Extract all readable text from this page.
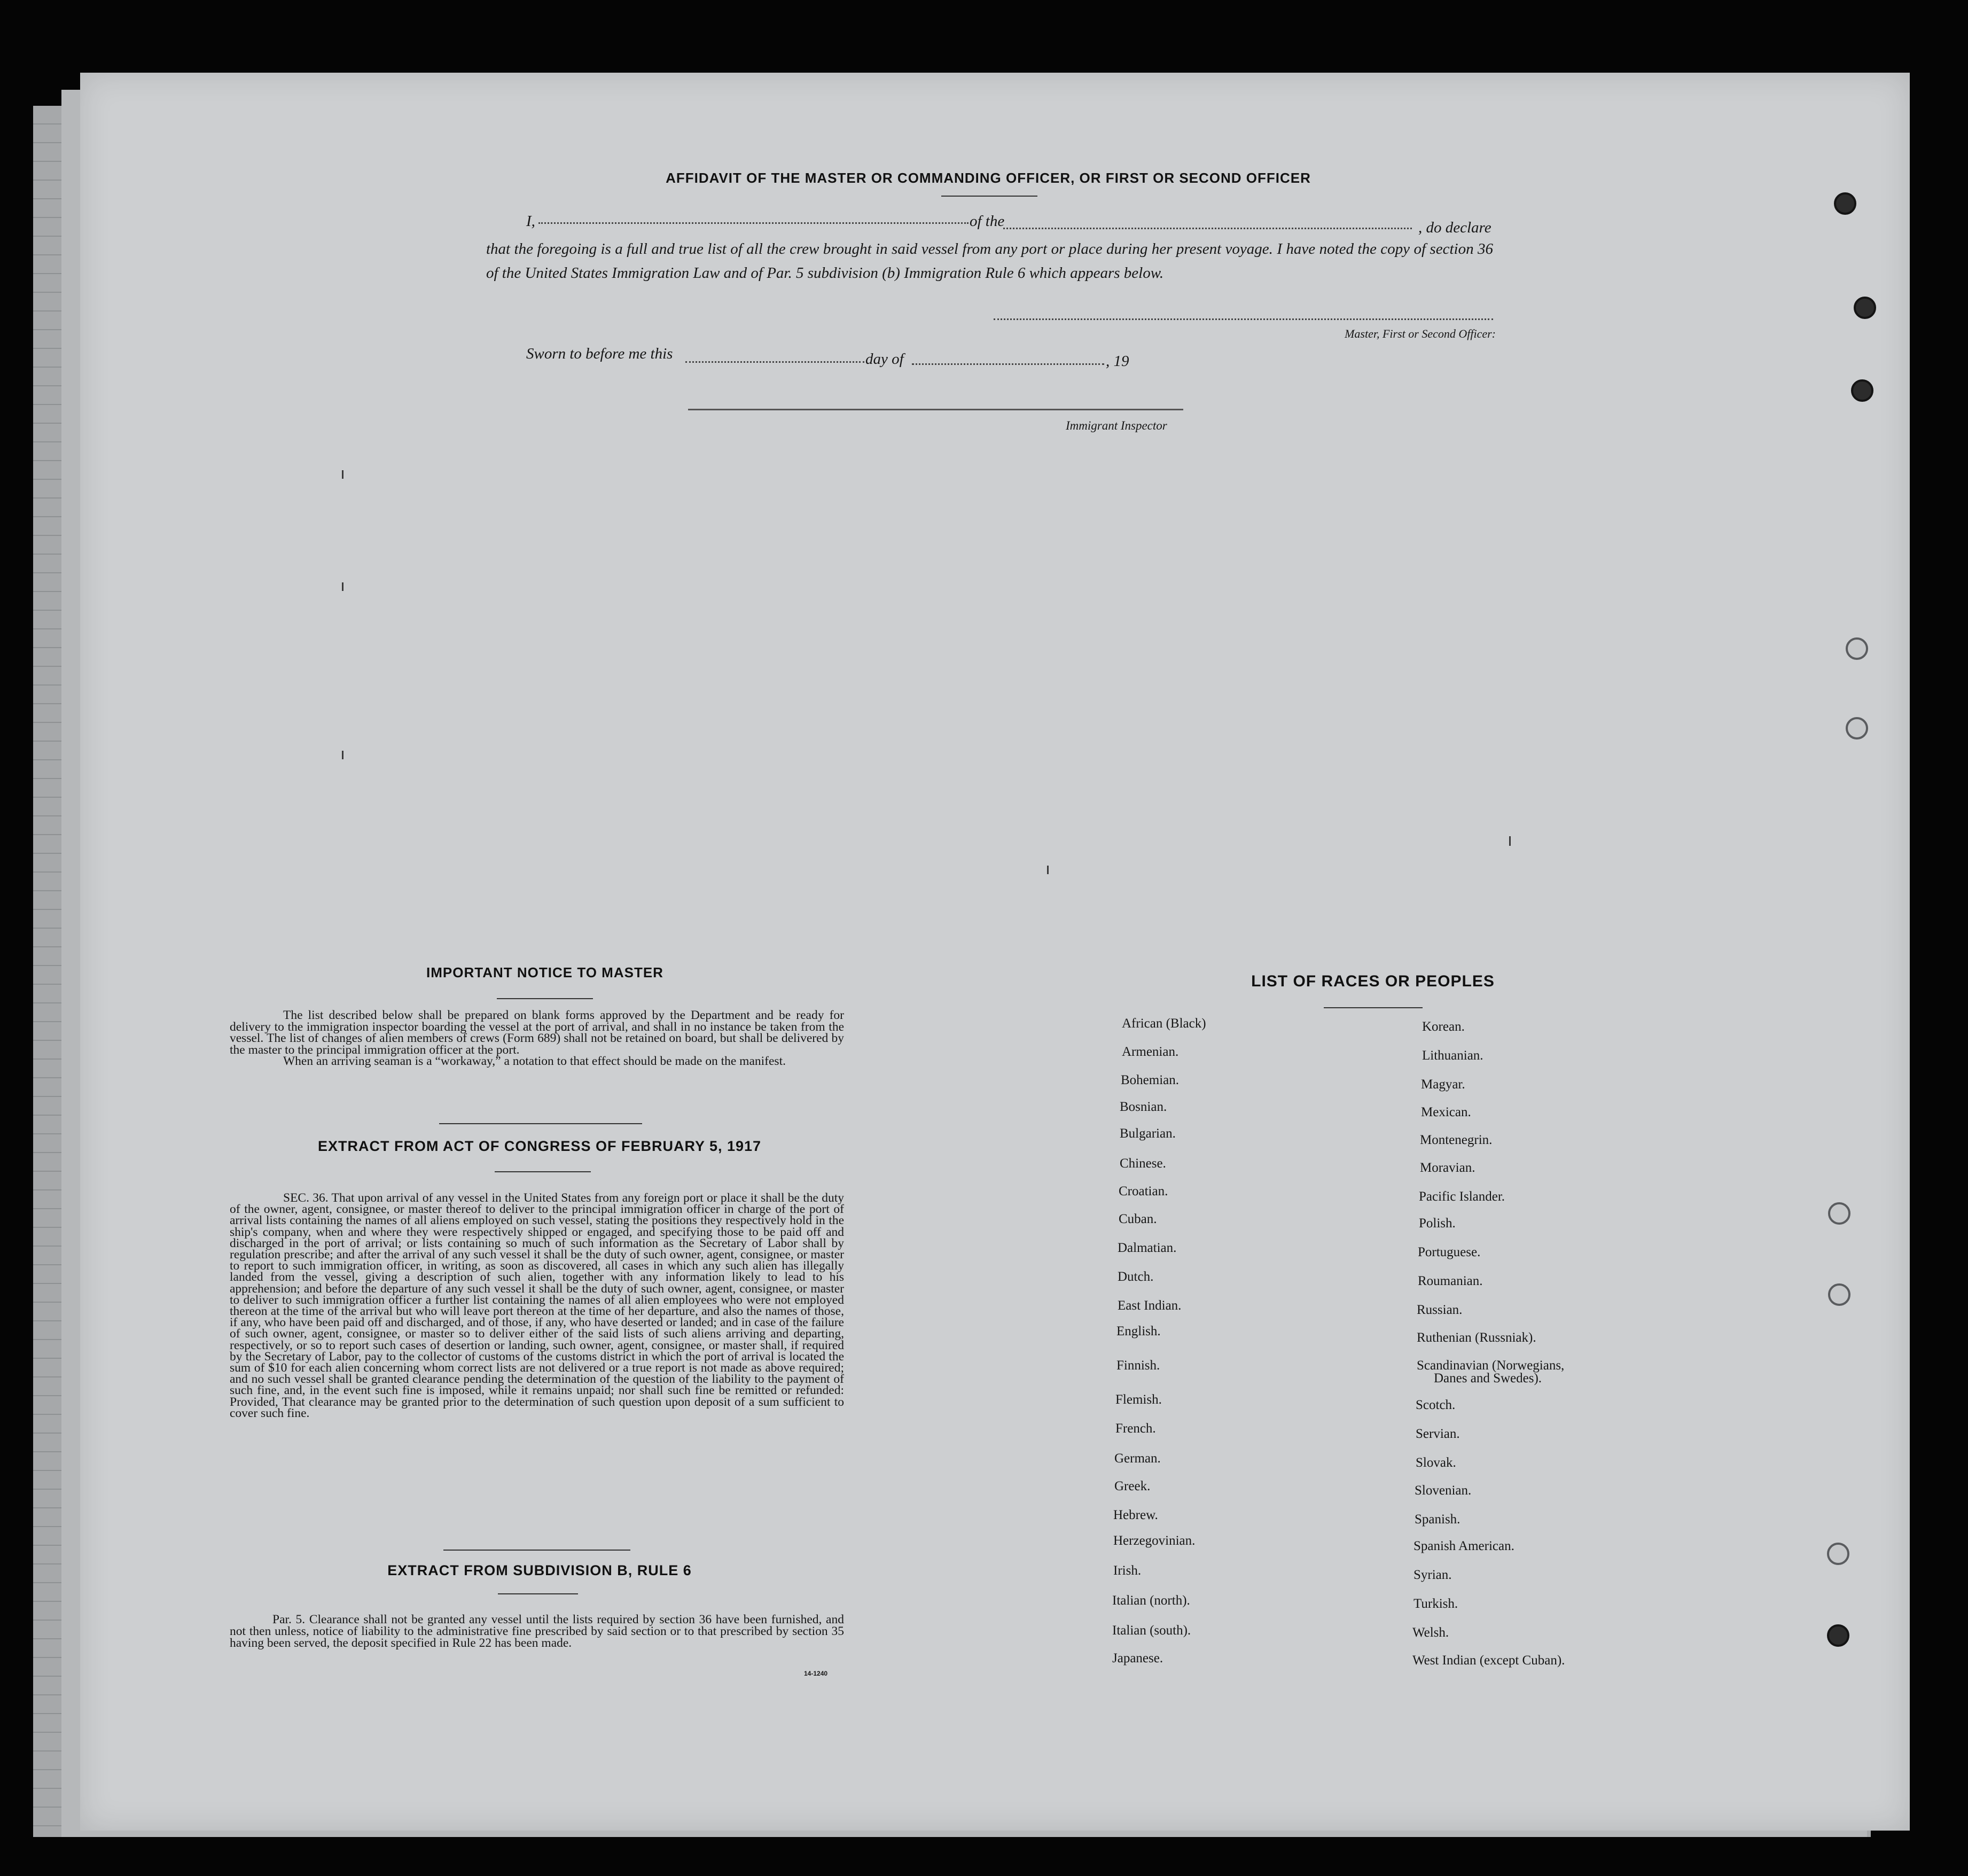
AFFIDAVIT OF THE MASTER OR COMMANDING OFFICER, OR FIRST OR SECOND OFFICER
I,	of the	, do declare
that the foregoing is a full and true list of all the crew brought in said vessel from any port or place during her present voyage. I have noted the copy of section 36 of the United States Immigration Law and of Par. 5 subdivision (b) Immigration Rule 6 which appears below.
Master, First or Second Officer:
Sworn to before me this	day of	, 19
Immigrant Inspector
IMPORTANT NOTICE TO MASTER
The list described below shall be prepared on blank forms approved by the Department and be ready for delivery to the immigration inspector boarding the vessel at the port of arrival, and shall in no instance be taken from the vessel. The list of changes of alien members of crews (Form 689) shall not be retained on board, but shall be delivered by the master to the principal immigration officer at the port.
When an arriving seaman is a “workaway,” a notation to that effect should be made on the manifest.
EXTRACT FROM ACT OF CONGRESS OF FEBRUARY 5, 1917
SEC. 36. That upon arrival of any vessel in the United States from any foreign port or place it shall be the duty of the owner, agent, consignee, or master thereof to deliver to the principal immigration officer in charge of the port of arrival lists containing the names of all aliens employed on such vessel, stating the positions they respectively hold in the ship's company, when and where they were respectively shipped or engaged, and specifying those to be paid off and discharged in the port of arrival; or lists containing so much of such information as the Secretary of Labor shall by regulation prescribe; and after the arrival of any such vessel it shall be the duty of such owner, agent, consignee, or master to report to such immigration officer, in writing, as soon as discovered, all cases in which any such alien has illegally landed from the vessel, giving a description of such alien, together with any information likely to lead to his apprehension; and before the departure of any such vessel it shall be the duty of such owner, agent, consignee, or master to deliver to such immigration officer a further list containing the names of all alien employees who were not employed thereon at the time of the arrival but who will leave port thereon at the time of her departure, and also the names of those, if any, who have been paid off and discharged, and of those, if any, who have deserted or landed; and in case of the failure of such owner, agent, consignee, or master so to deliver either of the said lists of such aliens arriving and departing, respectively, or so to report such cases of desertion or landing, such owner, agent, consignee, or master shall, if required by the Secretary of Labor, pay to the collector of customs of the customs district in which the port of arrival is located the sum of $10 for each alien concerning whom correct lists are not delivered or a true report is not made as above required; and no such vessel shall be granted clearance pending the determination of the question of the liability to the payment of such fine, and, in the event such fine is imposed, while it remains unpaid; nor shall such fine be remitted or refunded: Provided, That clearance may be granted prior to the determination of such question upon deposit of a sum sufficient to cover such fine.
EXTRACT FROM SUBDIVISION B, RULE 6
Par. 5. Clearance shall not be granted any vessel until the lists required by section 36 have been furnished, and not then unless, notice of liability to the administrative fine prescribed by said section or to that prescribed by section 35 having been served, the deposit specified in Rule 22 has been made.
14-1240
LIST OF RACES OR PEOPLES
African (Black)
Armenian.
Bohemian.
Bosnian.
Bulgarian.
Chinese.
Croatian.
Cuban.
Dalmatian.
Dutch.
East Indian.
English.
Finnish.
Flemish.
French.
German.
Greek.
Hebrew.
Herzegovinian.
Irish.
Italian (north).
Italian (south).
Japanese.
Korean.
Lithuanian.
Magyar.
Mexican.
Montenegrin.
Moravian.
Pacific Islander.
Polish.
Portuguese.
Roumanian.
Russian.
Ruthenian (Russniak).
Scandinavian (Norwegians,
Danes and Swedes).
Scotch.
Servian.
Slovak.
Slovenian.
Spanish.
Spanish American.
Syrian.
Turkish.
Welsh.
West Indian (except Cuban).
